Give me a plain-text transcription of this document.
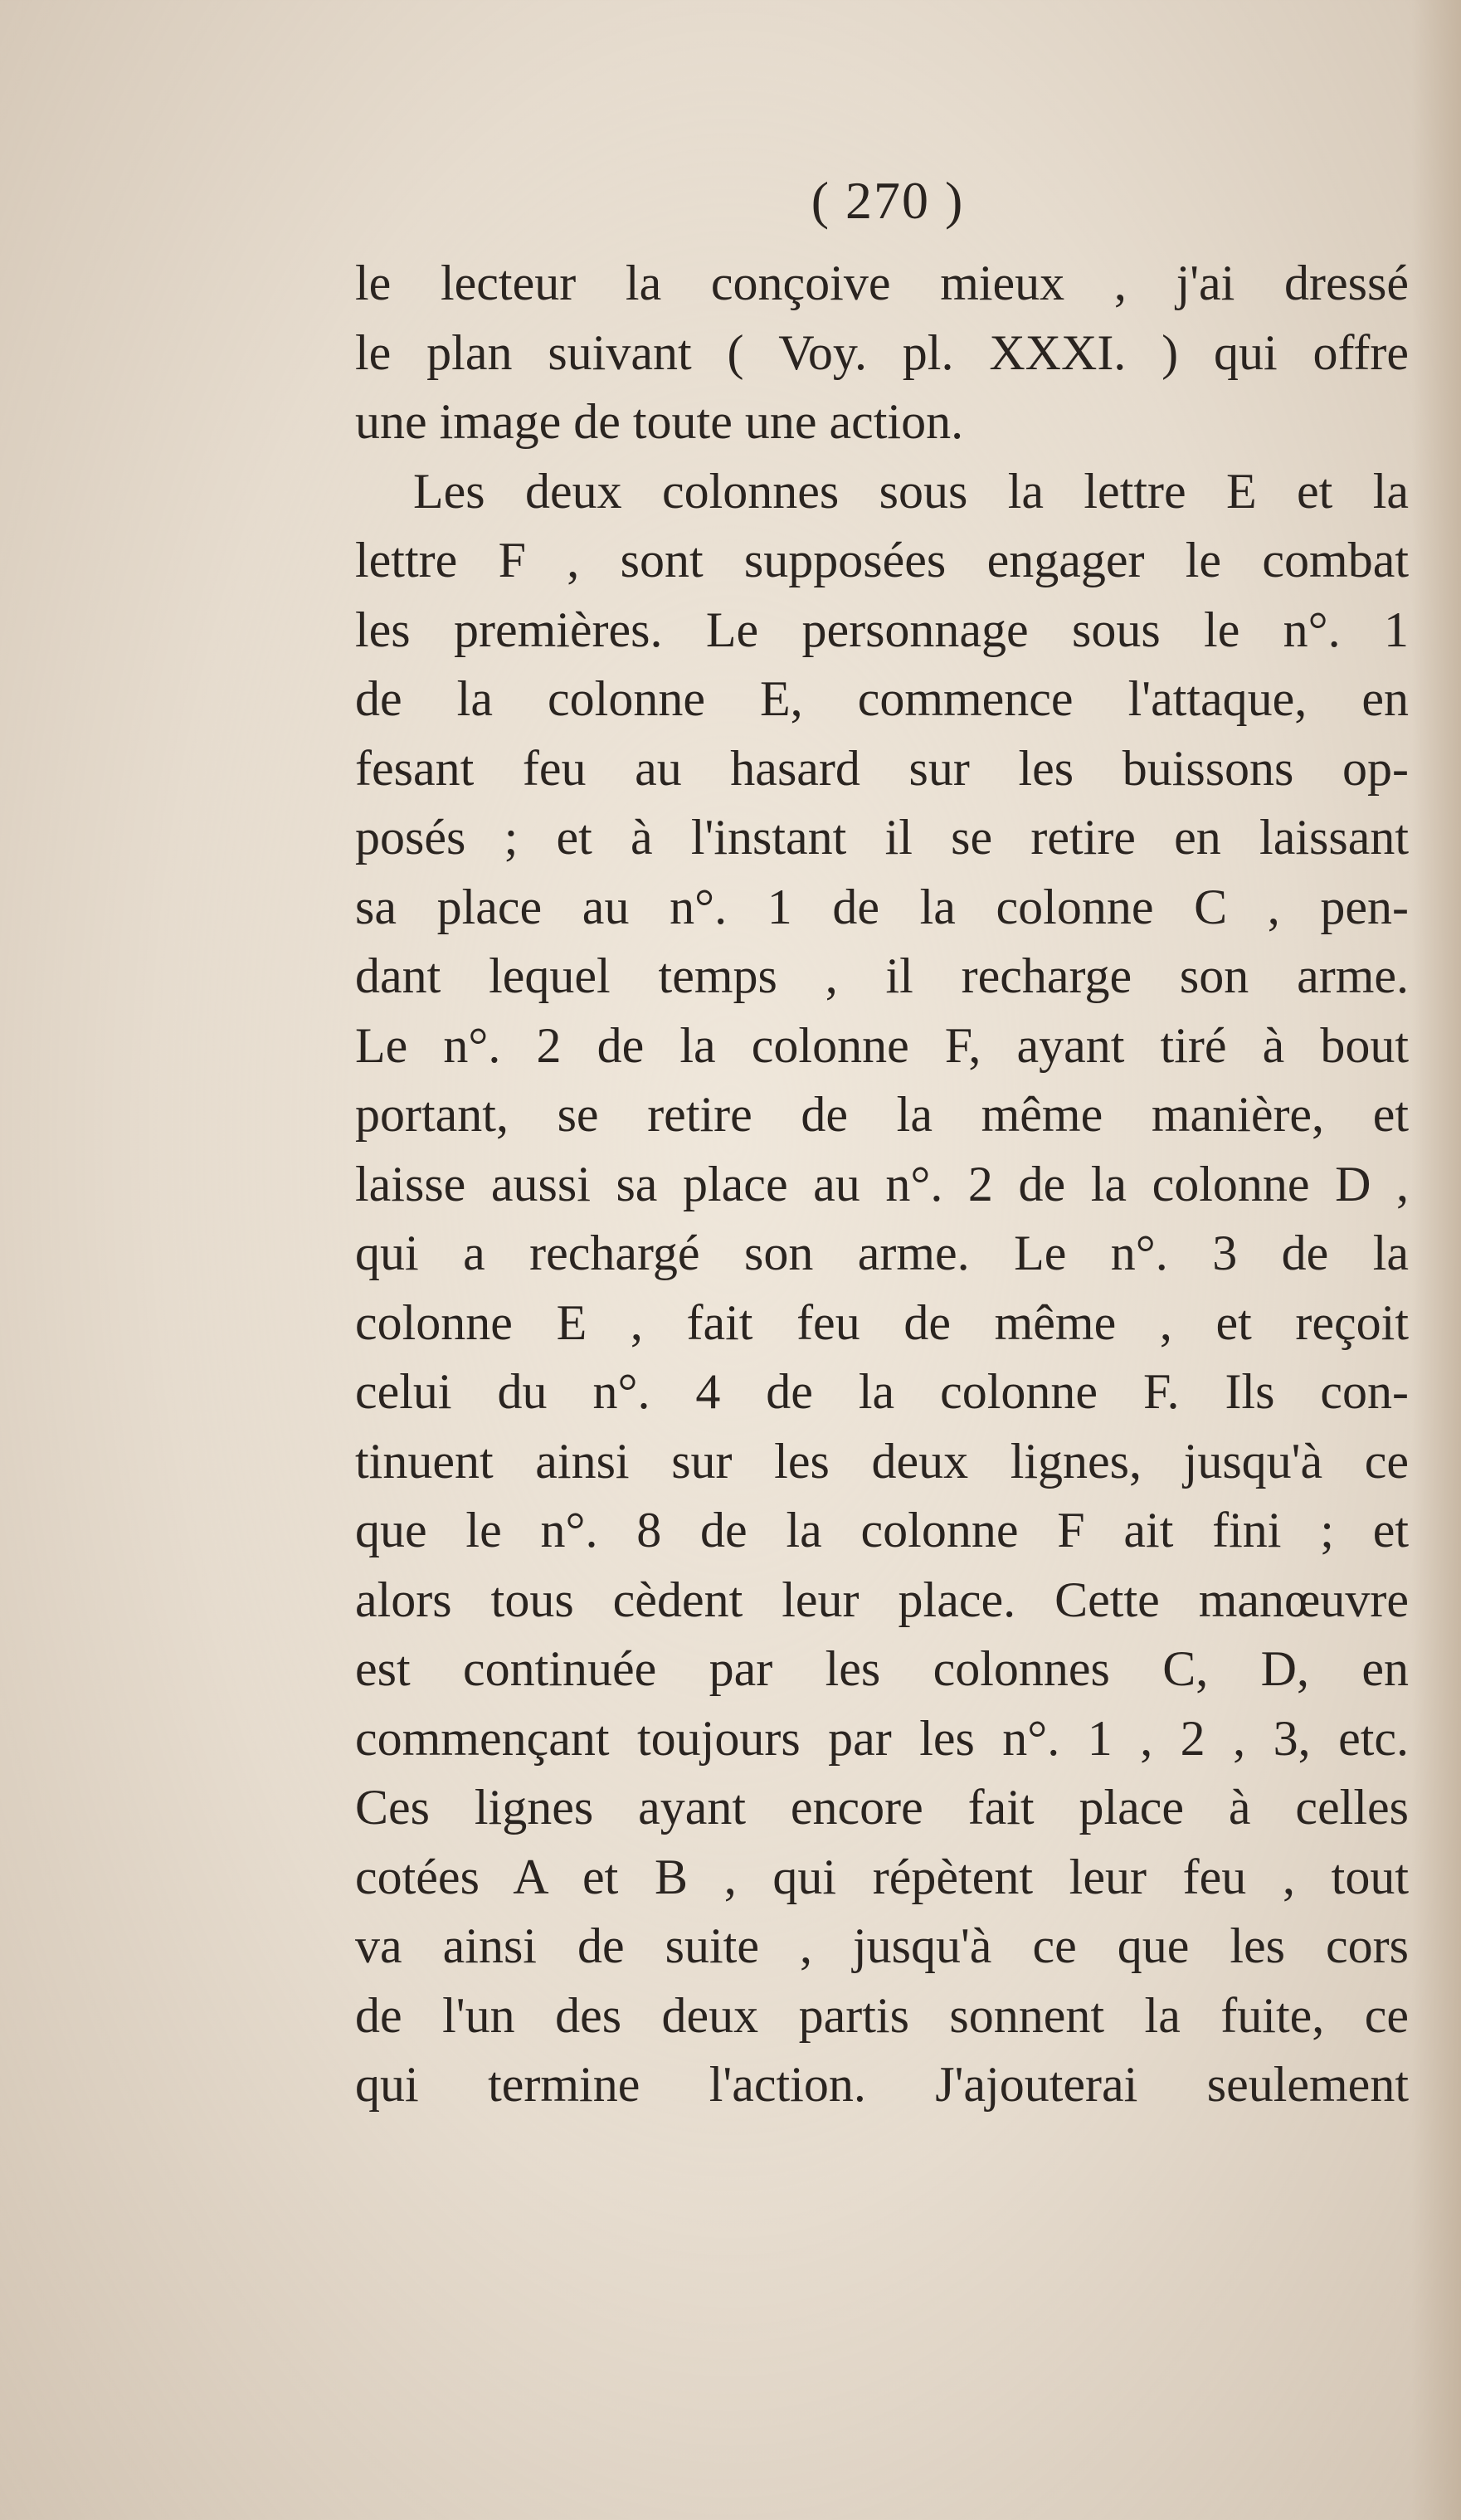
( 270 )
le lecteur la conçoive mieux , j'ai dressé
le plan suivant ( Voy. pl. XXXI. ) qui offre
une image de toute une action.
Les deux colonnes sous la lettre E et la
lettre F , sont supposées engager le combat
les premières. Le personnage sous le n°. 1
de la colonne E, commence l'attaque, en
fesant feu au hasard sur les buissons op-
posés ; et à l'instant il se retire en laissant
sa place au n°. 1 de la colonne C , pen-
dant lequel temps , il recharge son arme.
Le n°. 2 de la colonne F, ayant tiré à bout
portant, se retire de la même manière, et
laisse aussi sa place au n°. 2 de la colonne D ,
qui a rechargé son arme. Le n°. 3 de la
colonne E , fait feu de même , et reçoit
celui du n°. 4 de la colonne F. Ils con-
tinuent ainsi sur les deux lignes, jusqu'à ce
que le n°. 8 de la colonne F ait fini ; et
alors tous cèdent leur place. Cette manœuvre
est continuée par les colonnes C, D, en
commençant toujours par les n°. 1 , 2 , 3, etc.
Ces lignes ayant encore fait place à celles
cotées A et B , qui répètent leur feu , tout
va ainsi de suite , jusqu'à ce que les cors
de l'un des deux partis sonnent la fuite, ce
qui termine l'action. J'ajouterai seulement
